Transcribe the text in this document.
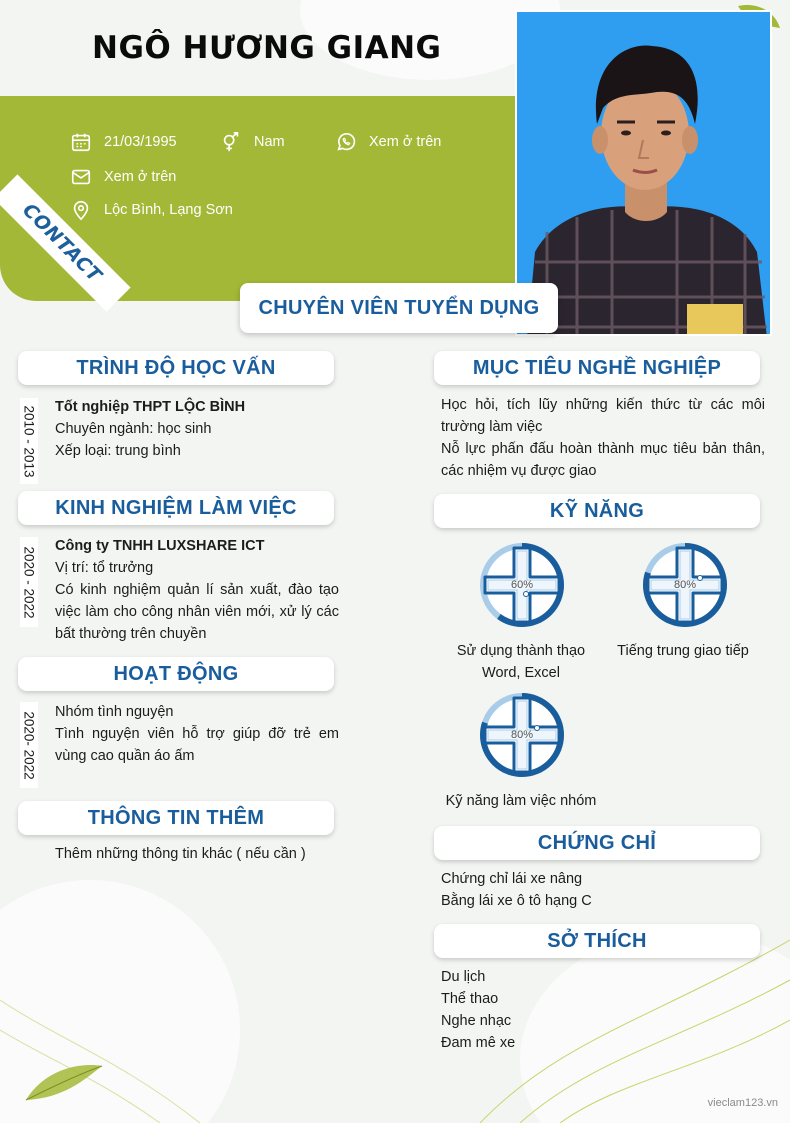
NGÔ HƯƠNG GIANG
CONTACT
21/03/1995	Nam	Xem ở trên
Xem ở trên
Lộc Bình, Lạng Sơn
CHUYÊN VIÊN TUYỂN DỤNG
TRÌNH ĐỘ HỌC VẤN
2010 - 2013 Tốt nghiệp THPT LỘC BÌNH
Chuyên ngành: học sinh
Xếp loại: trung bình
KINH NGHIỆM LÀM VIỆC
2020 - 2022 Công ty TNHH LUXSHARE ICT
Vị trí: tổ trưởng
Có kinh nghiệm quản lí sản xuất, đào tạo việc làm cho công nhân viên mới, xử lý các bất thường trên chuyền
HOẠT ĐỘNG
2020- 2022 Nhóm tình nguyện
Tình nguyện viên hỗ trợ giúp đỡ trẻ em vùng cao quần áo ấm
THÔNG TIN THÊM
Thêm những thông tin khác ( nếu cần )
MỤC TIÊU NGHỀ NGHIỆP
Học hỏi, tích lũy những kiến thức từ các môi trường làm việc
Nỗ lực phấn đấu hoàn thành mục tiêu bản thân, các nhiệm vụ được giao
KỸ NĂNG
60%	80%
80%
Sử dụng thành thạo
Word, Excel
Tiếng trung giao tiếp
Kỹ năng làm việc nhóm
CHỨNG CHỈ
Chứng chỉ lái xe nâng
Bằng lái xe ô tô hạng C
SỞ THÍCH
Du lịch
Thể thao
Nghe nhạc
Đam mê xe
vieclam123.vn
